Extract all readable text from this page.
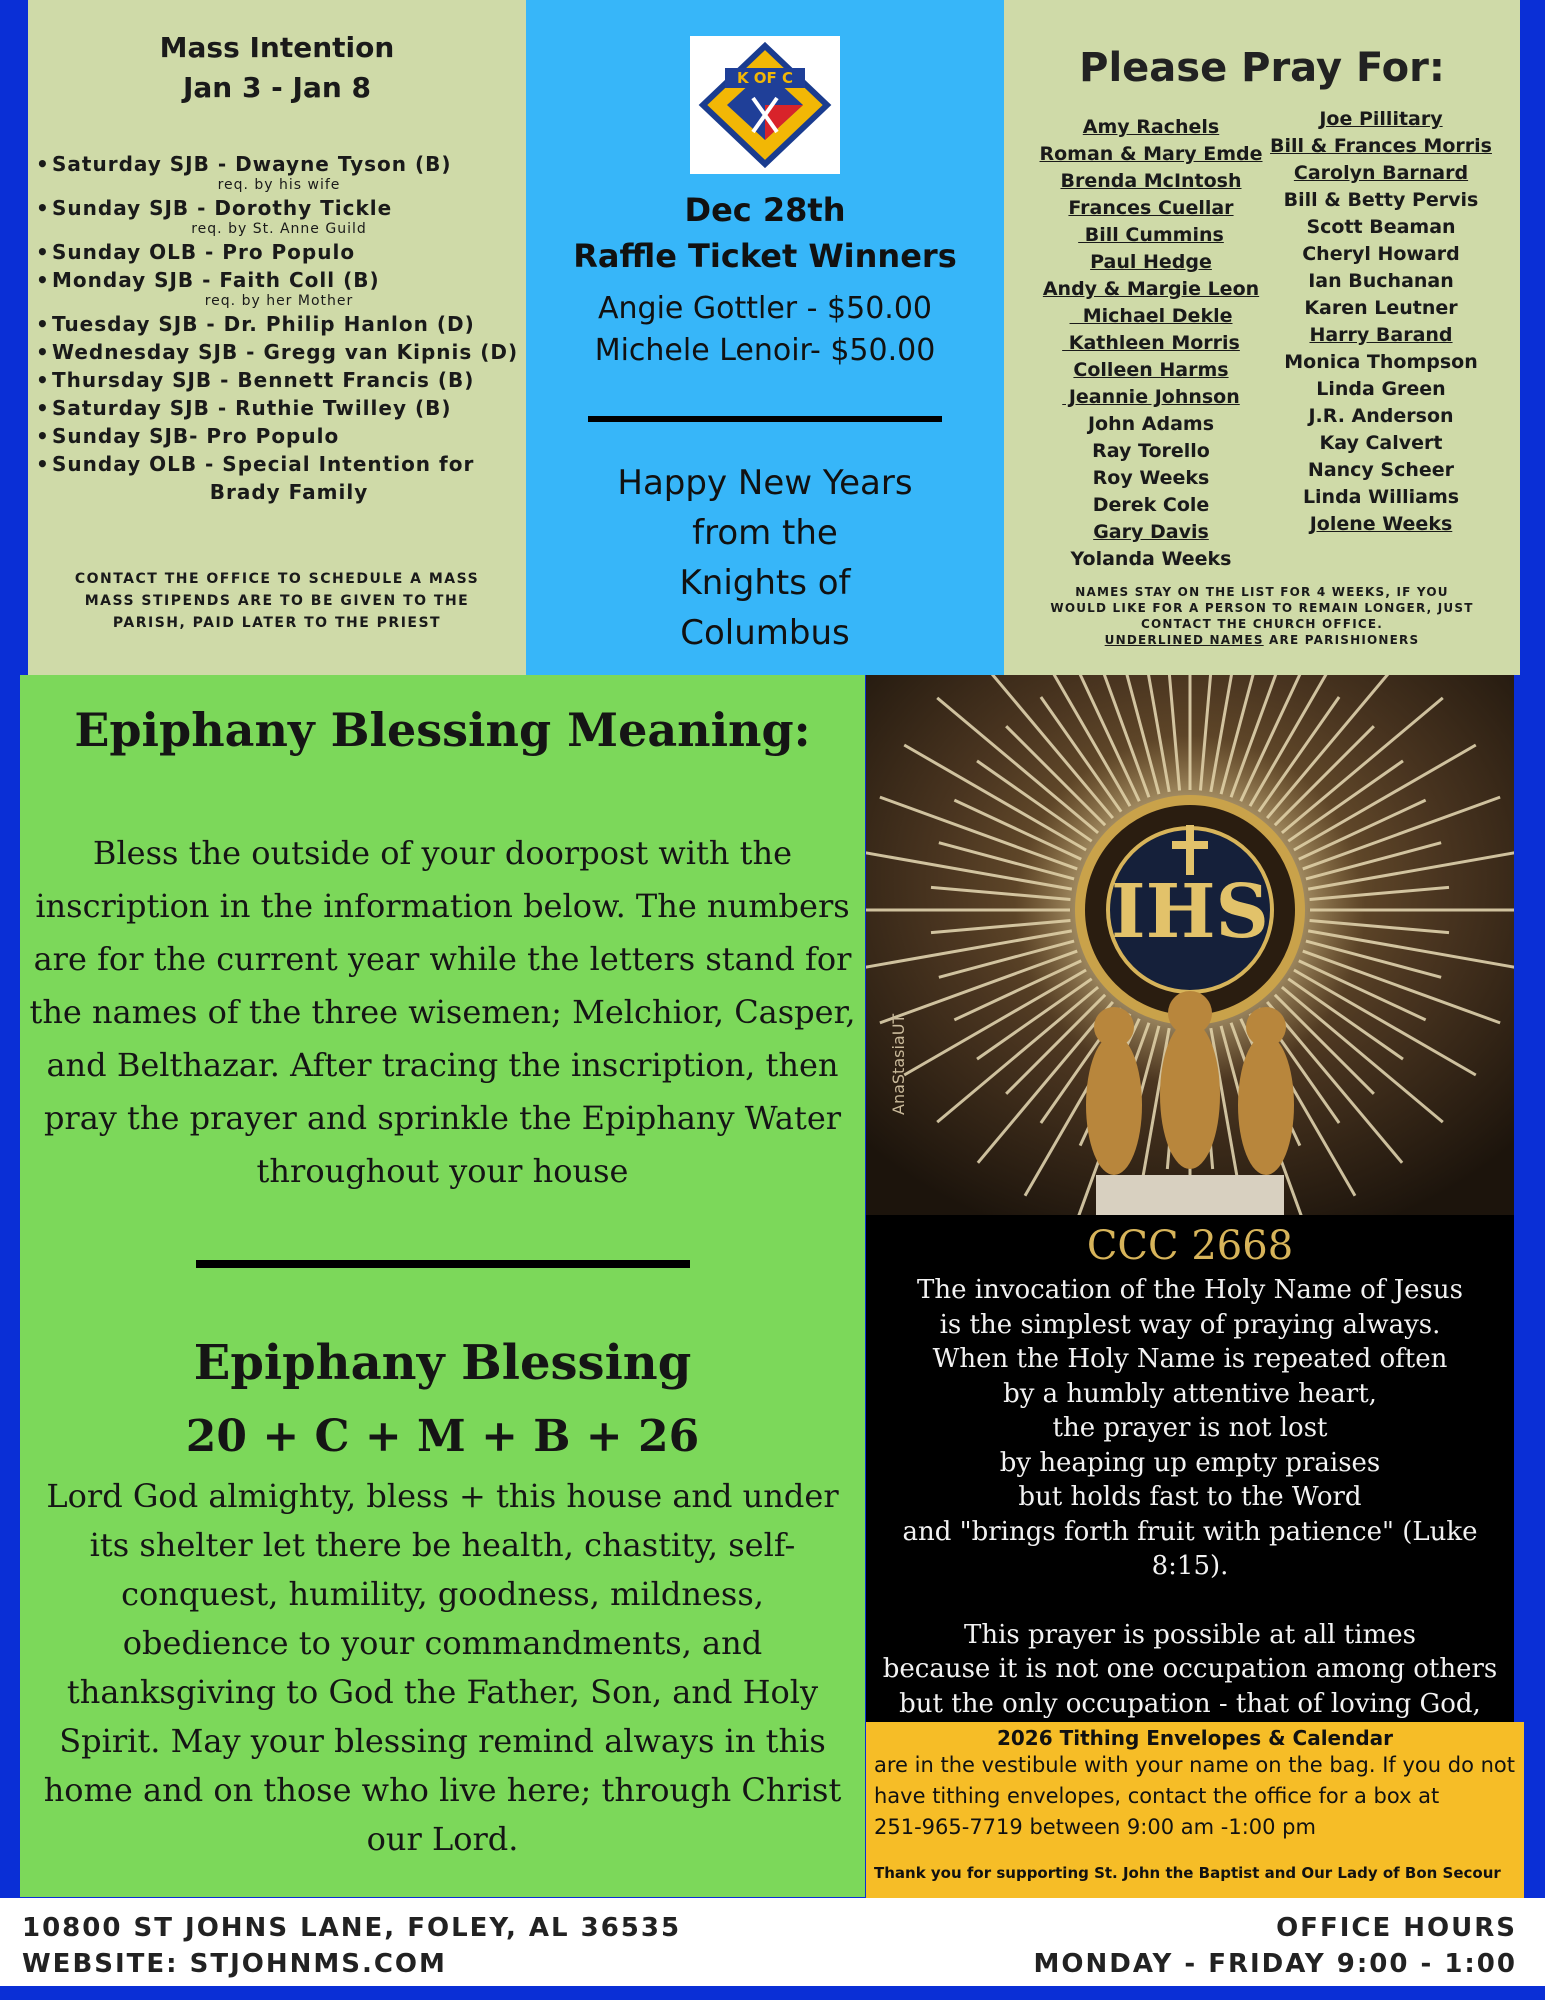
Mass Intention
Jan 3 - Jan 8
• Saturday SJB - Dwayne Tyson (B)
req. by his wife
• Sunday SJB - Dorothy Tickle
req. by St. Anne Guild
• Sunday OLB - Pro Populo
• Monday SJB - Faith Coll (B)
req. by her Mother
• Tuesday SJB - Dr. Philip Hanlon (D)
• Wednesday SJB - Gregg van Kipnis (D)
• Thursday SJB - Bennett Francis (B)
• Saturday SJB - Ruthie Twilley (B)
• Sunday SJB- Pro Populo
• Sunday OLB - Special Intention for
Brady Family
CONTACT THE OFFICE TO SCHEDULE A MASS
MASS STIPENDS ARE TO BE GIVEN TO THE
PARISH, PAID LATER TO THE PRIEST
K OF C
Dec 28th
Raffle Ticket Winners
Angie Gottler - $50.00
Michele Lenoir- $50.00
Happy New Years
from the
Knights of
Columbus
Please Pray For:
Amy Rachels
Roman & Mary Emde
Brenda McIntosh
Frances Cuellar
Bill Cummins
Paul Hedge
Andy & Margie Leon
Michael Dekle
Kathleen Morris
Colleen Harms
Jeannie Johnson
John Adams
Ray Torello
Roy Weeks
Derek Cole
Gary Davis
Yolanda Weeks
Joe Pillitary
Bill & Frances Morris
Carolyn Barnard
Bill & Betty Pervis
Scott Beaman
Cheryl Howard
Ian Buchanan
Karen Leutner
Harry Barand
Monica Thompson
Linda Green
J.R. Anderson
Kay Calvert
Nancy Scheer
Linda Williams
Jolene Weeks
NAMES STAY ON THE LIST FOR 4 WEEKS, IF YOU
WOULD LIKE FOR A PERSON TO REMAIN LONGER, JUST
CONTACT THE CHURCH OFFICE.
UNDERLINED NAMES ARE PARISHIONERS
Epiphany Blessing Meaning:
Bless the outside of your doorpost with the inscription in the information below. The numbers are for the current year while the letters stand for the names of the three wisemen; Melchior, Casper, and Belthazar. After tracing the inscription, then pray the prayer and sprinkle the Epiphany Water throughout your house
Epiphany Blessing
20 + C + M + B + 26
Lord God almighty, bless + this house and under its shelter let there be health, chastity, self-conquest, humility, goodness, mildness, obedience to your commandments, and thanksgiving to God the Father, Son, and Holy Spirit. May your blessing remind always in this home and on those who live here; through Christ our Lord.
IHS
AnaStasiaUT
CCC 2668

The invocation of the Holy Name of Jesus

is the simplest way of praying always.

When the Holy Name is repeated often

by a humbly attentive heart,

the prayer is not lost

by heaping up empty praises

but holds fast to the Word

and "brings forth fruit with patience" (Luke 8:15).

This prayer is possible at all times

because it is not one occupation among others

but the only occupation - that of loving God,

2026 Tithing Envelopes & Calendar
are in the vestibule with your name on the bag. If you do not
have tithing envelopes, contact the office for a box at
251-965-7719 between 9:00 am -1:00 pm
Thank you for supporting St. John the Baptist and Our Lady of Bon Secour
10800 ST JOHNS LANE, FOLEY, AL 36535
WEBSITE: STJOHNMS.COM
OFFICE HOURS
MONDAY - FRIDAY 9:00 - 1:00
